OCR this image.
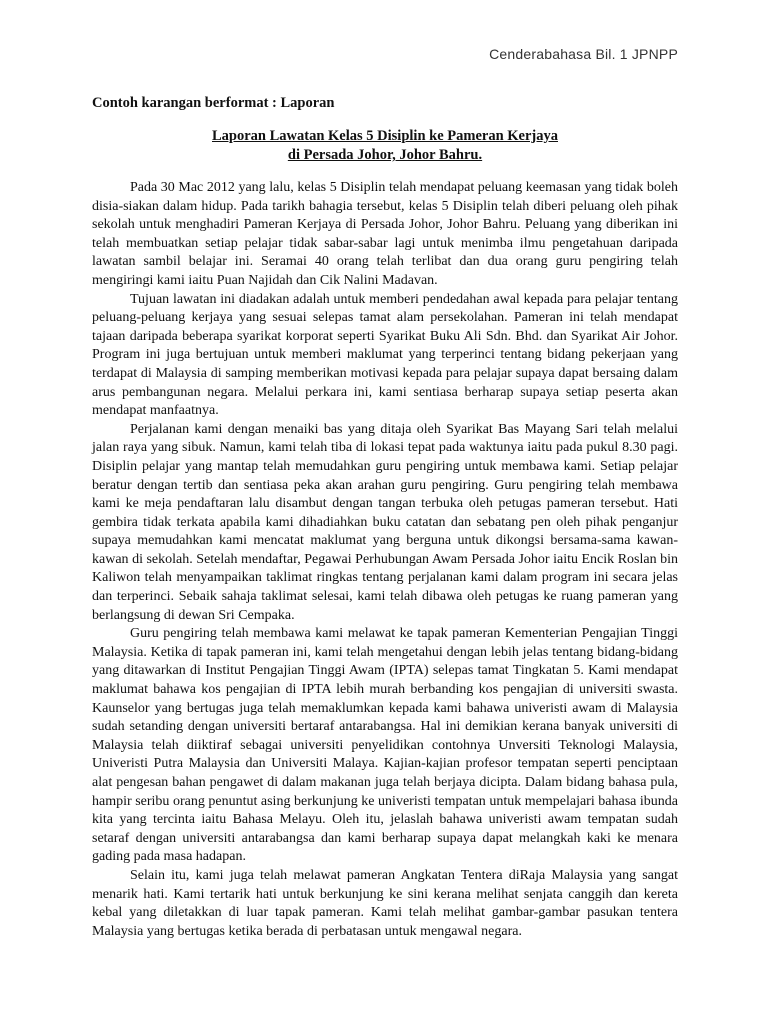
Cenderabahasa Bil. 1 JPNPP
Contoh karangan berformat : Laporan
Laporan Lawatan Kelas 5 Disiplin ke Pameran Kerjaya
di Persada Johor, Johor Bahru.

Pada 30 Mac 2012 yang lalu, kelas 5 Disiplin telah mendapat peluang keemasan yang tidak boleh disia-siakan dalam hidup. Pada tarikh bahagia tersebut, kelas 5 Disiplin telah diberi peluang oleh pihak sekolah untuk menghadiri Pameran Kerjaya di Persada Johor, Johor Bahru. Peluang yang diberikan ini telah membuatkan setiap pelajar tidak sabar-sabar lagi untuk menimba ilmu pengetahuan daripada lawatan sambil belajar ini. Seramai 40 orang telah terlibat dan dua orang guru pengiring telah mengiringi kami iaitu Puan Najidah dan Cik Nalini Madavan.

Tujuan lawatan ini diadakan adalah untuk memberi pendedahan awal kepada para pelajar tentang peluang-peluang kerjaya yang sesuai selepas tamat alam persekolahan. Pameran ini telah mendapat tajaan daripada beberapa syarikat korporat seperti Syarikat Buku Ali Sdn. Bhd. dan Syarikat Air Johor. Program ini juga bertujuan untuk memberi maklumat yang terperinci tentang bidang pekerjaan yang terdapat di Malaysia di samping memberikan motivasi kepada para pelajar supaya dapat bersaing dalam arus pembangunan negara. Melalui perkara ini, kami sentiasa berharap supaya setiap peserta akan mendapat manfaatnya.

Perjalanan kami dengan menaiki bas yang ditaja oleh Syarikat Bas Mayang Sari telah melalui jalan raya yang sibuk. Namun, kami telah tiba di lokasi tepat pada waktunya iaitu pada pukul 8.30 pagi. Disiplin pelajar yang mantap telah memudahkan guru pengiring untuk membawa kami. Setiap pelajar beratur dengan tertib dan sentiasa peka akan arahan guru pengiring. Guru pengiring telah membawa kami ke meja pendaftaran lalu disambut dengan tangan terbuka oleh petugas pameran tersebut. Hati gembira tidak terkata apabila kami dihadiahkan buku catatan dan sebatang pen oleh pihak penganjur supaya memudahkan kami mencatat maklumat yang berguna untuk dikongsi bersama-sama kawan-kawan di sekolah. Setelah mendaftar, Pegawai Perhubungan Awam Persada Johor iaitu Encik Roslan bin Kaliwon telah menyampaikan taklimat ringkas tentang perjalanan kami dalam program ini secara jelas dan terperinci. Sebaik sahaja taklimat selesai, kami telah dibawa oleh petugas ke ruang pameran yang berlangsung di dewan Sri Cempaka.

Guru pengiring telah membawa kami melawat ke tapak pameran Kementerian Pengajian Tinggi Malaysia. Ketika di tapak pameran ini, kami telah mengetahui dengan lebih jelas tentang bidang-bidang yang ditawarkan di Institut Pengajian Tinggi Awam (IPTA) selepas tamat Tingkatan 5. Kami mendapat maklumat bahawa kos pengajian di IPTA lebih murah berbanding kos pengajian di universiti swasta. Kaunselor yang bertugas juga telah memaklumkan kepada kami bahawa univeristi awam di Malaysia sudah setanding dengan universiti bertaraf antarabangsa. Hal ini demikian kerana banyak universiti di Malaysia telah diiktiraf sebagai universiti penyelidikan contohnya Unversiti Teknologi Malaysia, Univeristi Putra Malaysia dan Universiti Malaya. Kajian-kajian profesor tempatan seperti penciptaan alat pengesan bahan pengawet di dalam makanan juga telah berjaya dicipta. Dalam bidang bahasa pula, hampir seribu orang penuntut asing berkunjung ke univeristi tempatan untuk mempelajari bahasa ibunda kita yang tercinta iaitu Bahasa Melayu. Oleh itu, jelaslah bahawa univeristi awam tempatan sudah setaraf dengan universiti antarabangsa dan kami berharap supaya dapat melangkah kaki ke menara gading pada masa hadapan.

Selain itu, kami juga telah melawat pameran Angkatan Tentera diRaja Malaysia yang sangat menarik hati. Kami tertarik hati untuk berkunjung ke sini kerana melihat senjata canggih dan kereta kebal yang diletakkan di luar tapak pameran. Kami telah melihat gambar-gambar pasukan tentera Malaysia yang bertugas ketika berada di perbatasan untuk mengawal negara.
